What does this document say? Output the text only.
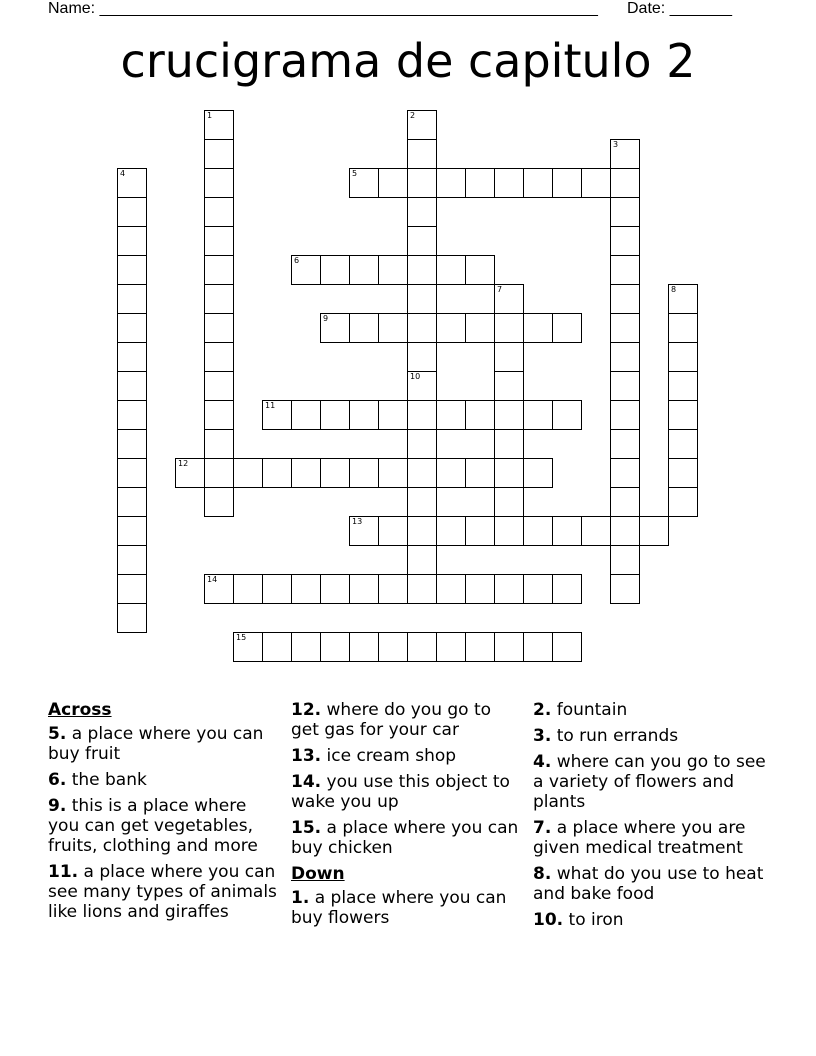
Name: ________________________________________________________ Date: _______
crucigrama de capitulo 2
1	2
3
4	5
6
7	8
9
10
11
12
13
14
15
Across
5. a place where you can buy fruit
6. the bank
9. this is a place where you can get vegetables, fruits, clothing and more
11. a place where you can see many types of animals like lions and giraffes
12. where do you go to get gas for your car
13. ice cream shop
14. you use this object to wake you up
15. a place where you can buy chicken
Down
1. a place where you can buy flowers
2. fountain
3. to run errands
4. where can you go to see a variety of flowers and plants
7. a place where you are given medical treatment
8. what do you use to heat and bake food
10. to iron
